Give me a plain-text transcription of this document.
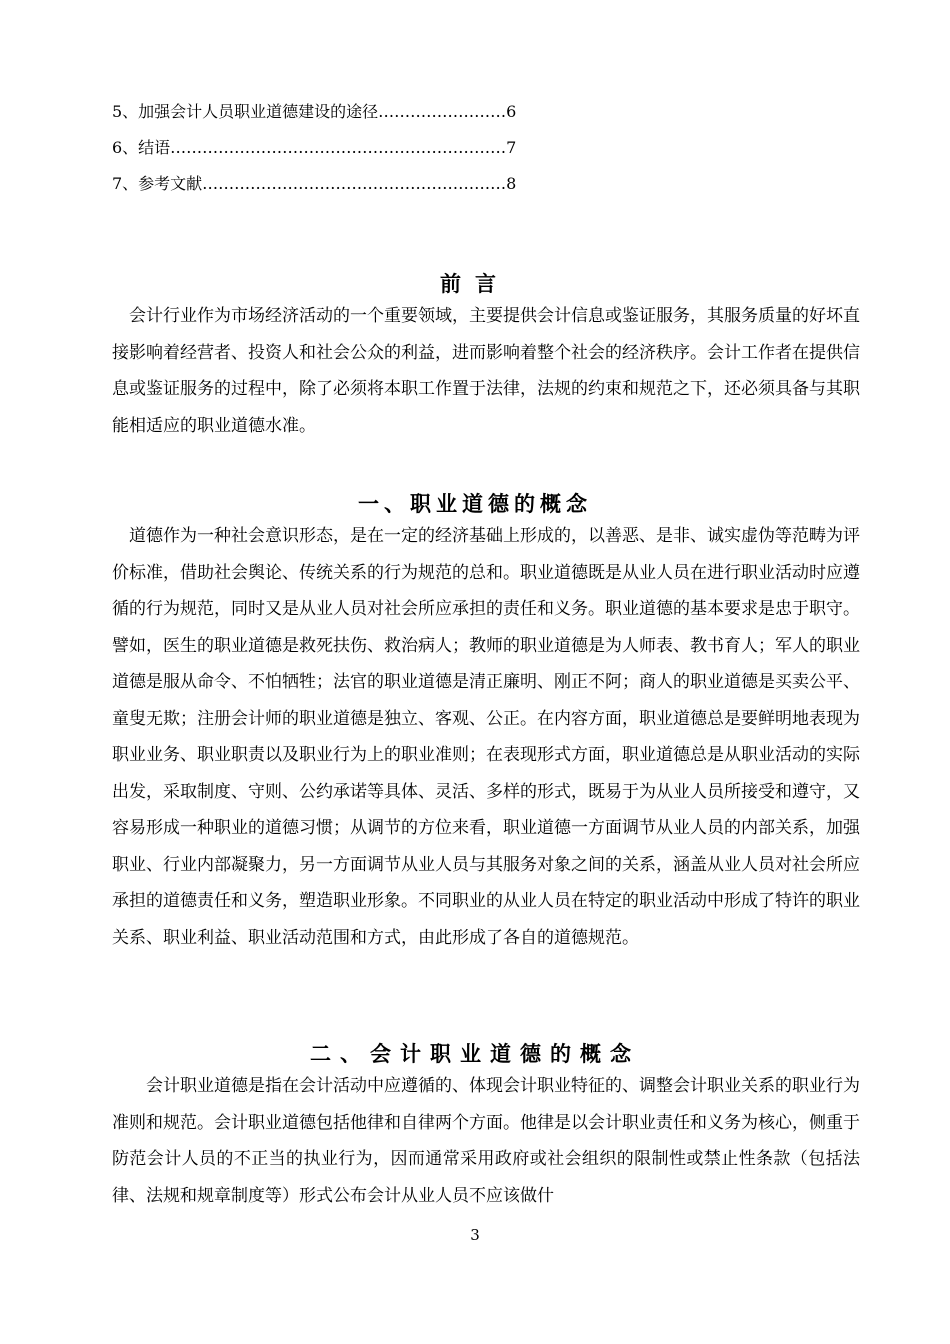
5、加强会计人员职业道德建设的途径……………………6
6、结语………………………………………………………7
7、参考文献…………………………………………………8
前言

会计行业作为市场经济活动的一个重要领域，主要提供会计信息或鉴证服务，其服务质量的好坏直接影响着经营者、投资人和社会公众的利益，进而影响着整个社会的经济秩序。会计工作者在提供信息或鉴证服务的过程中，除了必须将本职工作置于法律，法规的约束和规范之下，还必须具备与其职能相适应的职业道德水准。

一、职业道德的概念

道德作为一种社会意识形态，是在一定的经济基础上形成的，以善恶、是非、诚实虚伪等范畴为评价标准，借助社会舆论、传统关系的行为规范的总和。职业道德既是从业人员在进行职业活动时应遵循的行为规范，同时又是从业人员对社会所应承担的责任和义务。职业道德的基本要求是忠于职守。譬如，医生的职业道德是救死扶伤、救治病人；教师的职业道德是为人师表、教书育人；军人的职业道德是服从命令、不怕牺牲；法官的职业道德是清正廉明、刚正不阿；商人的职业道德是买卖公平、童叟无欺；注册会计师的职业道德是独立、客观、公正。在内容方面，职业道德总是要鲜明地表现为职业业务、职业职责以及职业行为上的职业准则；在表现形式方面，职业道德总是从职业活动的实际出发，采取制度、守则、公约承诺等具体、灵活、多样的形式，既易于为从业人员所接受和遵守，又容易形成一种职业的道德习惯；从调节的方位来看，职业道德一方面调节从业人员的内部关系，加强职业、行业内部凝聚力，另一方面调节从业人员与其服务对象之间的关系，涵盖从业人员对社会所应承担的道德责任和义务，塑造职业形象。不同职业的从业人员在特定的职业活动中形成了特许的职业关系、职业利益、职业活动范围和方式，由此形成了各自的道德规范。

二、会计职业道德的概念

会计职业道德是指在会计活动中应遵循的、体现会计职业特征的、调整会计职业关系的职业行为准则和规范。会计职业道德包括他律和自律两个方面。他律是以会计职业责任和义务为核心，侧重于防范会计人员的不正当的执业行为，因而通常采用政府或社会组织的限制性或禁止性条款（包括法律、法规和规章制度等）形式公布会计从业人员不应该做什

3
